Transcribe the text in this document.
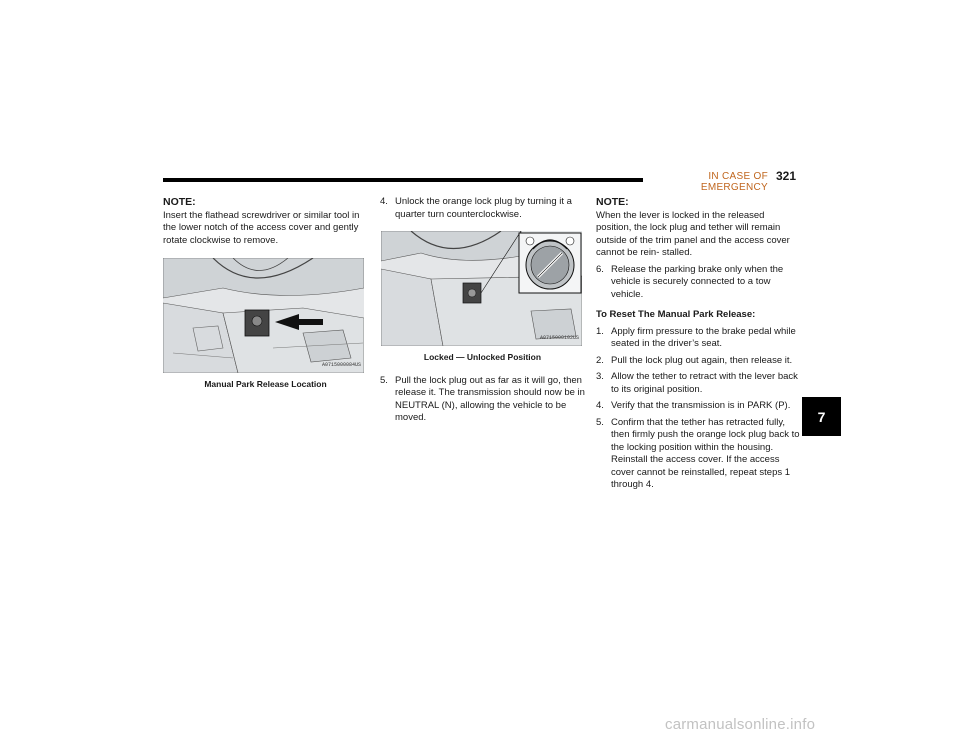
IN CASE OF EMERGENCY
321
7
NOTE:

Insert the flathead screwdriver or similar tool in the lower notch of the access cover and gently rotate clockwise to remove.

A0715000084US
Manual Park Release Location
4. Unlock the orange lock plug by turning it a quarter turn counterclockwise.
A0715000102US
Locked — Unlocked Position
5. Pull the lock plug out as far as it will go, then release it. The transmission should now be in NEUTRAL (N), allowing the vehicle to be moved.
NOTE:

When the lever is locked in the released position, the lock plug and tether will remain outside of the trim panel and the access cover cannot be rein- stalled.

6. Release the parking brake only when the vehicle is securely connected to a tow vehicle.
To Reset The Manual Park Release:
1. Apply firm pressure to the brake pedal while seated in the driver’s seat.
2. Pull the lock plug out again, then release it.
3. Allow the tether to retract with the lever back to its original position.
4. Verify that the transmission is in PARK (P).
5. Confirm that the tether has retracted fully, then firmly push the orange lock plug back to the locking position within the housing. Reinstall the access cover. If the access cover cannot be reinstalled, repeat steps 1 through 4.
carmanualsonline.info
